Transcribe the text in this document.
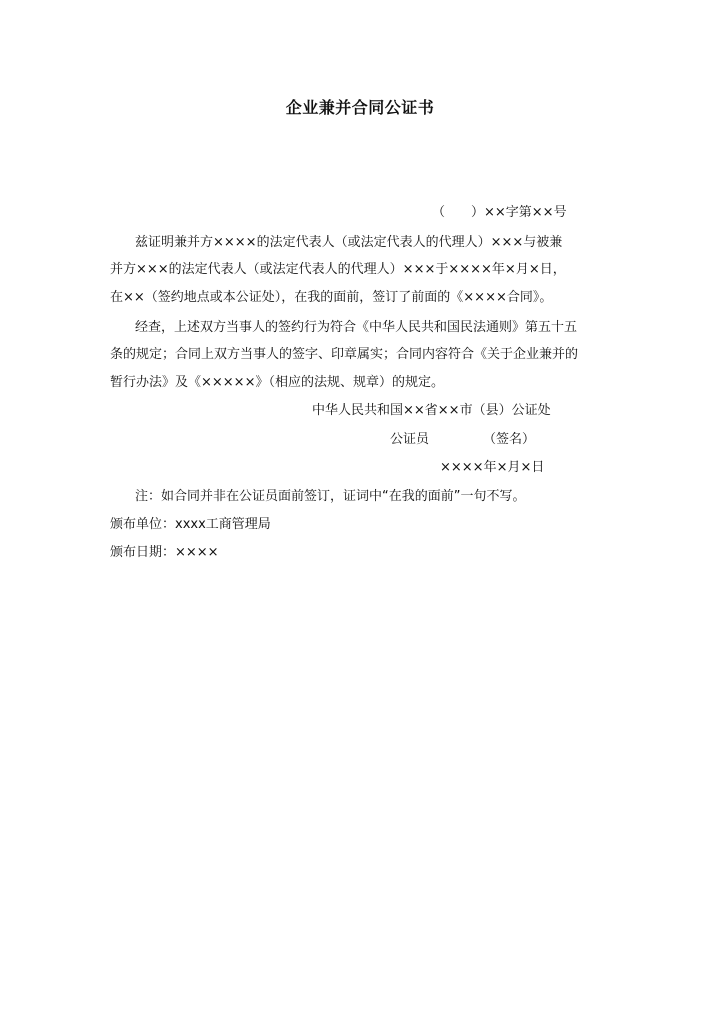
企业兼并合同公证书
（　　）××字第××号
兹证明兼并方××××的法定代表人（或法定代表人的代理人）×××与被兼
并方×××的法定代表人（或法定代表人的代理人）×××于××××年×月×日，
在××（签约地点或本公证处），在我的面前，签订了前面的《××××合同》。
经查，上述双方当事人的签约行为符合《中华人民共和国民法通则》第五十五
条的规定；合同上双方当事人的签字、印章属实；合同内容符合《关于企业兼并的
暂行办法》及《×××××》（相应的法规、规章）的规定。
中华人民共和国××省××市（县）公证处
公证员	（签名）
××××年×月×日
注：如合同并非在公证员面前签订，证词中“在我的面前”一句不写。
颁布单位：xxxx工商管理局
颁布日期：××××
